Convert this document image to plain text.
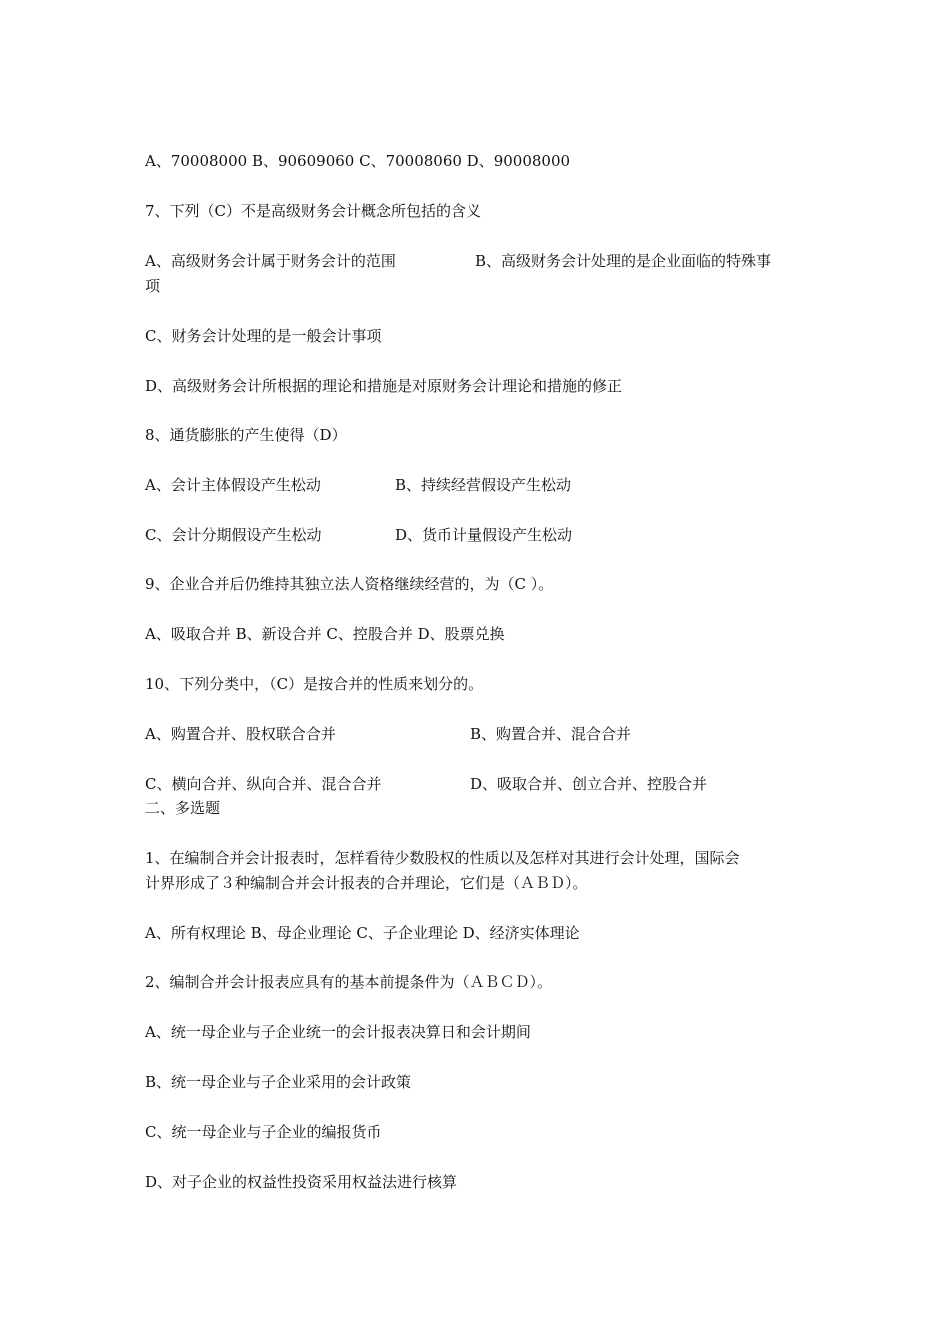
A、70008000 B、90609060 C、70008060 D、90008000
7、下列（C）不是高级财务会计概念所包括的含义
A、高级财务会计属于财务会计的范围	B、高级财务会计处理的是企业面临的特殊事
项
C、财务会计处理的是一般会计事项
D、高级财务会计所根据的理论和措施是对原财务会计理论和措施的修正
8、通货膨胀的产生使得（D）
A、会计主体假设产生松动	B、持续经营假设产生松动
C、会计分期假设产生松动	D、货币计量假设产生松动
9、企业合并后仍维持其独立法人资格继续经营的，为（C ）。
A、吸取合并 B、新设合并 C、控股合并 D、股票兑换
10、下列分类中，（C）是按合并的性质来划分的。
A、购置合并、股权联合合并	B、购置合并、混合合并
C、横向合并、纵向合并、混合合并	D、吸取合并、创立合并、控股合并
二、多选题
1、在编制合并会计报表时，怎样看待少数股权的性质以及怎样对其进行会计处理，国际会
计界形成了３种编制合并会计报表的合并理论，它们是（ＡＢＤ）。
A、所有权理论 B、母企业理论 C、子企业理论 D、经济实体理论
2、编制合并会计报表应具有的基本前提条件为（ＡＢＣＤ）。
A、统一母企业与子企业统一的会计报表决算日和会计期间
B、统一母企业与子企业采用的会计政策
C、统一母企业与子企业的编报货币
D、对子企业的权益性投资采用权益法进行核算
